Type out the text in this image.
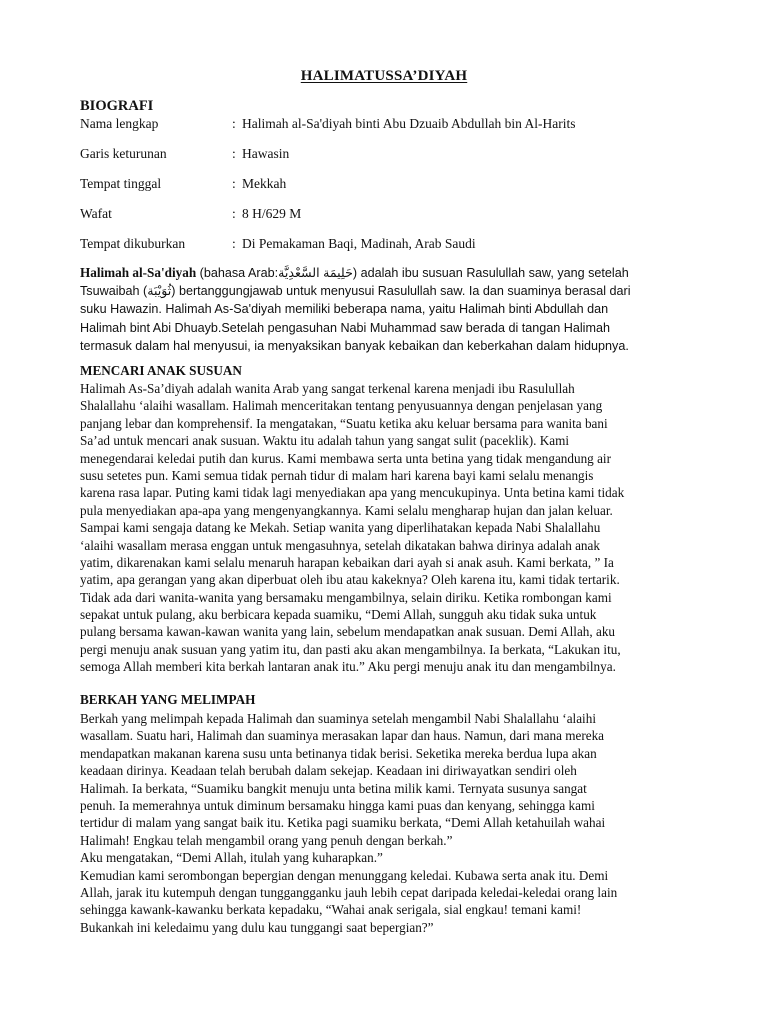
HALIMATUSSA’DIYAH
BIOGRAFI
Nama lengkap	: Halimah al-Sa'diyah binti Abu Dzuaib Abdullah bin Al-Harits
Garis keturunan	: Hawasin
Tempat tinggal	: Mekkah
Wafat	: 8 H/629 M
Tempat dikuburkan	: Di Pemakaman Baqi, Madinah, Arab Saudi
Halimah al-Sa'diyah (bahasa Arab:حَلِيمَة السَّعْدِيَّة) adalah ibu susuan Rasulullah saw, yang setelah
Tsuwaibah (ثُوَيْبَة) bertanggungjawab untuk menyusui Rasulullah saw. Ia dan suaminya berasal dari
suku Hawazin. Halimah As-Sa'diyah memiliki beberapa nama, yaitu Halimah binti Abdullah dan
Halimah bint Abi Dhuayb.Setelah pengasuhan Nabi Muhammad saw berada di tangan Halimah
termasuk dalam hal menyusui, ia menyaksikan banyak kebaikan dan keberkahan dalam hidupnya.
MENCARI ANAK SUSUAN
Halimah As-Sa’diyah adalah wanita Arab yang sangat terkenal karena menjadi ibu Rasulullah
Shalallahu ‘alaihi wasallam. Halimah menceritakan tentang penyusuannya dengan penjelasan yang
panjang lebar dan komprehensif. Ia mengatakan, “Suatu ketika aku keluar bersama para wanita bani
Sa’ad untuk mencari anak susuan. Waktu itu adalah tahun yang sangat sulit (paceklik). Kami
menegendarai keledai putih dan kurus. Kami membawa serta unta betina yang tidak mengandung air
susu setetes pun. Kami semua tidak pernah tidur di malam hari karena bayi kami selalu menangis
karena rasa lapar. Puting kami tidak lagi menyediakan apa yang mencukupinya. Unta betina kami tidak
pula menyediakan apa-apa yang mengenyangkannya. Kami selalu mengharap hujan dan jalan keluar.
Sampai kami sengaja datang ke Mekah. Setiap wanita yang diperlihatakan kepada Nabi Shalallahu
‘alaihi wasallam merasa enggan untuk mengasuhnya, setelah dikatakan bahwa dirinya adalah anak
yatim, dikarenakan kami selalu menaruh harapan kebaikan dari ayah si anak asuh. Kami berkata, ” Ia
yatim, apa gerangan yang akan diperbuat oleh ibu atau kakeknya? Oleh karena itu, kami tidak tertarik.
Tidak ada dari wanita-wanita yang bersamaku mengambilnya, selain diriku. Ketika rombongan kami
sepakat untuk pulang, aku berbicara kepada suamiku, “Demi Allah, sungguh aku tidak suka untuk
pulang bersama kawan-kawan wanita yang lain, sebelum mendapatkan anak susuan. Demi Allah, aku
pergi menuju anak susuan yang yatim itu, dan pasti aku akan mengambilnya. Ia berkata, “Lakukan itu,
semoga Allah memberi kita berkah lantaran anak itu.” Aku pergi menuju anak itu dan mengambilnya.
BERKAH YANG MELIMPAH
Berkah yang melimpah kepada Halimah dan suaminya setelah mengambil Nabi Shalallahu ‘alaihi
wasallam. Suatu hari, Halimah dan suaminya merasakan lapar dan haus. Namun, dari mana mereka
mendapatkan makanan karena susu unta betinanya tidak berisi. Seketika mereka berdua lupa akan
keadaan dirinya. Keadaan telah berubah dalam sekejap. Keadaan ini diriwayatkan sendiri oleh
Halimah. Ia berkata, “Suamiku bangkit menuju unta betina milik kami. Ternyata susunya sangat
penuh. Ia memerahnya untuk diminum bersamaku hingga kami puas dan kenyang, sehingga kami
tertidur di malam yang sangat baik itu. Ketika pagi suamiku berkata, “Demi Allah ketahuilah wahai
Halimah! Engkau telah mengambil orang yang penuh dengan berkah.”
Aku mengatakan, “Demi Allah, itulah yang kuharapkan.”
Kemudian kami serombongan bepergian dengan menunggang keledai. Kubawa serta anak itu. Demi
Allah, jarak itu kutempuh dengan tunggangganku jauh lebih cepat daripada keledai-keledai orang lain
sehingga kawank-kawanku berkata kepadaku, “Wahai anak serigala, sial engkau! temani kami!
Bukankah ini keledaimu yang dulu kau tunggangi saat bepergian?”
